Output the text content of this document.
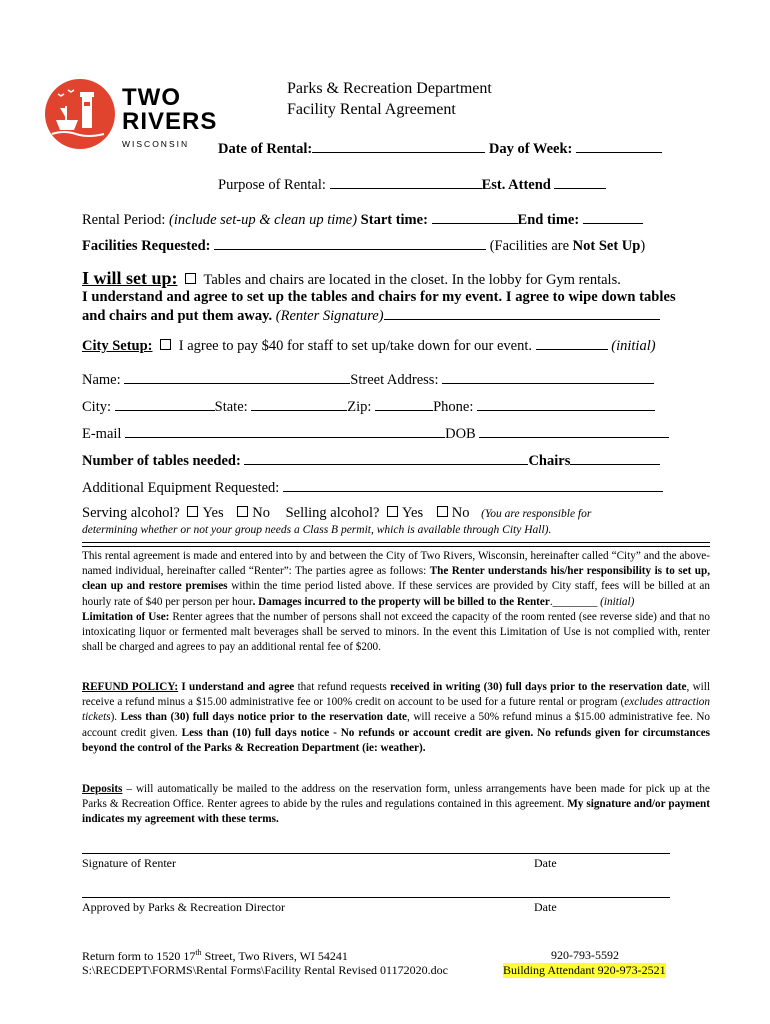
TWO
RIVERS
WISCONSIN
Parks & Recreation Department
Facility Rental Agreement
Date of Rental:	Day of Week:
Purpose of Rental:	Est. Attend
Rental Period: (include set-up & clean up time) Start time:	End time:
Facilities Requested:	(Facilities are Not Set Up)
I will set up: Tables and chairs are located in the closet. In the lobby for Gym rentals.
I understand and agree to set up the tables and chairs for my event. I agree to wipe down tables
and chairs and put them away. (Renter Signature)
City Setup: I agree to pay $40 for staff to set up/take down for our event.	(initial)
Name:	Street Address:
City:	State:	Zip:	Phone:
E-mail	DOB
Number of tables needed:	Chairs
Additional Equipment Requested:
Serving alcohol? Yes No Selling alcohol? Yes No (You are responsible for
determining whether or not your group needs a Class B permit, which is available through City Hall).
This rental agreement is made and entered into by and between the City of Two Rivers, Wisconsin, hereinafter called “City” and the above-named individual, hereinafter called “Renter”: The parties agree as follows: The Renter understands his/her responsibility is to set up, clean up and restore premises within the time period listed above. If these services are provided by City staff, fees will be billed at an hourly rate of $40 per person per hour. Damages incurred to the property will be billed to the Renter.________ (initial)
Limitation of Use: Renter agrees that the number of persons shall not exceed the capacity of the room rented (see reverse side) and that no intoxicating liquor or fermented malt beverages shall be served to minors. In the event this Limitation of Use is not complied with, renter shall be charged and agrees to pay an additional rental fee of $200.
REFUND POLICY: I understand and agree that refund requests received in writing (30) full days prior to the reservation date, will receive a refund minus a $15.00 administrative fee or 100% credit on account to be used for a future rental or program (excludes attraction tickets). Less than (30) full days notice prior to the reservation date, will receive a 50% refund minus a $15.00 administrative fee. No account credit given. Less than (10) full days notice - No refunds or account credit are given. No refunds given for circumstances beyond the control of the Parks & Recreation Department (ie: weather).
Deposits – will automatically be mailed to the address on the reservation form, unless arrangements have been made for pick up at the Parks & Recreation Office. Renter agrees to abide by the rules and regulations contained in this agreement. My signature and/or payment indicates my agreement with these terms.
Signature of Renter	Date
Approved by Parks & Recreation Director	Date
Return form to 1520 17th Street, Two Rivers, WI 54241
S:\RECDEPT\FORMS\Rental Forms\Facility Rental Revised 01172020.doc
920-793-5592
Building Attendant 920-973-2521
